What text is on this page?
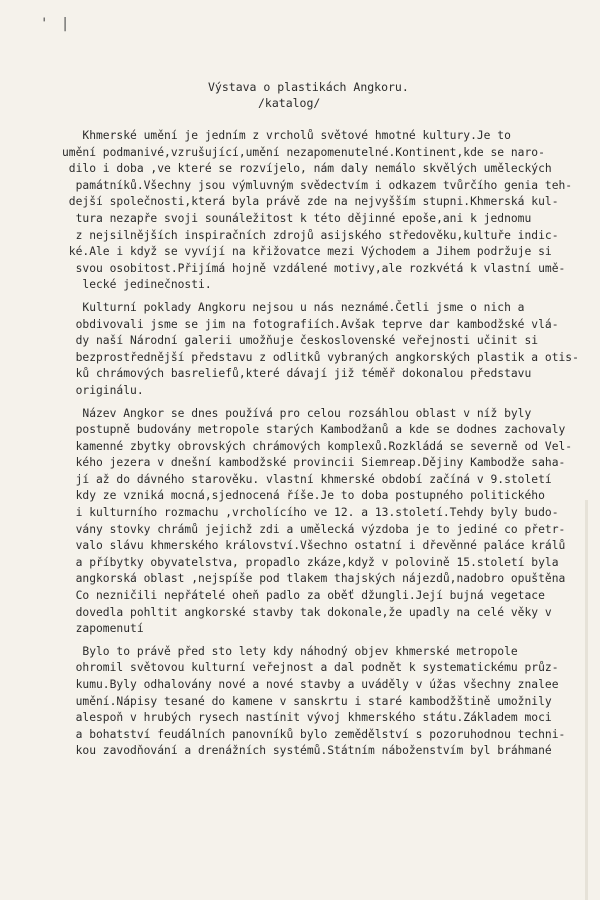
' |
Výstava o plastikách Angkoru.
/katalog/
Khmerské umění je jedním z vrcholů světové hmotné kultury.Je to
umění podmanivé,vzrušující,umění nezapomenutelné.Kontinent,kde se naro-
dilo i doba ,ve které se rozvíjelo, nám daly nemálo skvělých uměleckých
památníků.Všechny jsou výmluvným svědectvím i odkazem tvůrčího genia teh-
dejší společnosti,která byla právě zde na nejvyšším stupni.Khmerská kul-
tura nezapře svoji sounáležitost k této dějinné epoše,ani k jednomu
z nejsilnějších inspiračních zdrojů asijského středověku,kultuře indic-
ké.Ale i když se vyvíjí na křižovatce mezi Východem a Jihem podržuje si
svou osobitost.Přijímá hojně vzdálené motivy,ale rozkvétá k vlastní umě-
lecké jedinečnosti.
Kulturní poklady Angkoru nejsou u nás neznámé.Četli jsme o nich a
obdivovali jsme se jim na fotografiích.Avšak teprve dar kambodžské vlá-
dy naší Národní galerii umožňuje československé veřejnosti učinit si
bezprostřednější představu z odlitků vybraných angkorských plastik a otis-
ků chrámových basreliefů,které dávají již téměř dokonalou představu
originálu.
Název Angkor se dnes používá pro celou rozsáhlou oblast v níž byly
postupně budovány metropole starých Kambodžanů a kde se dodnes zachovaly
kamenné zbytky obrovských chrámových komplexů.Rozkládá se severně od Vel-
kého jezera v dnešní kambodžské provincii Siemreap.Dějiny Kambodže saha-
jí až do dávného starověku. vlastní khmerské období začíná v 9.století
kdy ze vzniká mocná,sjednocená říše.Je to doba postupného politického
i kulturního rozmachu ,vrcholícího ve 12. a 13.století.Tehdy byly budo-
vány stovky chrámů jejichž zdi a umělecká výzdoba je to jediné co přetr-
valo slávu khmerského království.Všechno ostatní i dřevěnné paláce králů
a příbytky obyvatelstva, propadlo zkáze,když v polovině 15.století byla
angkorská oblast ,nejspíše pod tlakem thajských nájezdů,nadobro opuštěna
Co nezničili nepřátelé oheň padlo za oběť džungli.Její bujná vegetace
dovedla pohltit angkorské stavby tak dokonale,že upadly na celé věky v
zapomenutí
Bylo to právě před sto lety kdy náhodný objev khmerské metropole
ohromil světovou kulturní veřejnost a dal podnět k systematickému průz-
kumu.Byly odhalovány nové a nové stavby a uváděly v úžas všechny znalee
umění.Nápisy tesané do kamene v sanskrtu i staré kambodžštině umožnily
alespoň v hrubých rysech nastínit vývoj khmerského státu.Základem moci
a bohatství feudálních panovníků bylo zemědělství s pozoruhodnou techni-
kou zavodňování a drenážních systémů.Státním náboženstvím byl bráhmané
